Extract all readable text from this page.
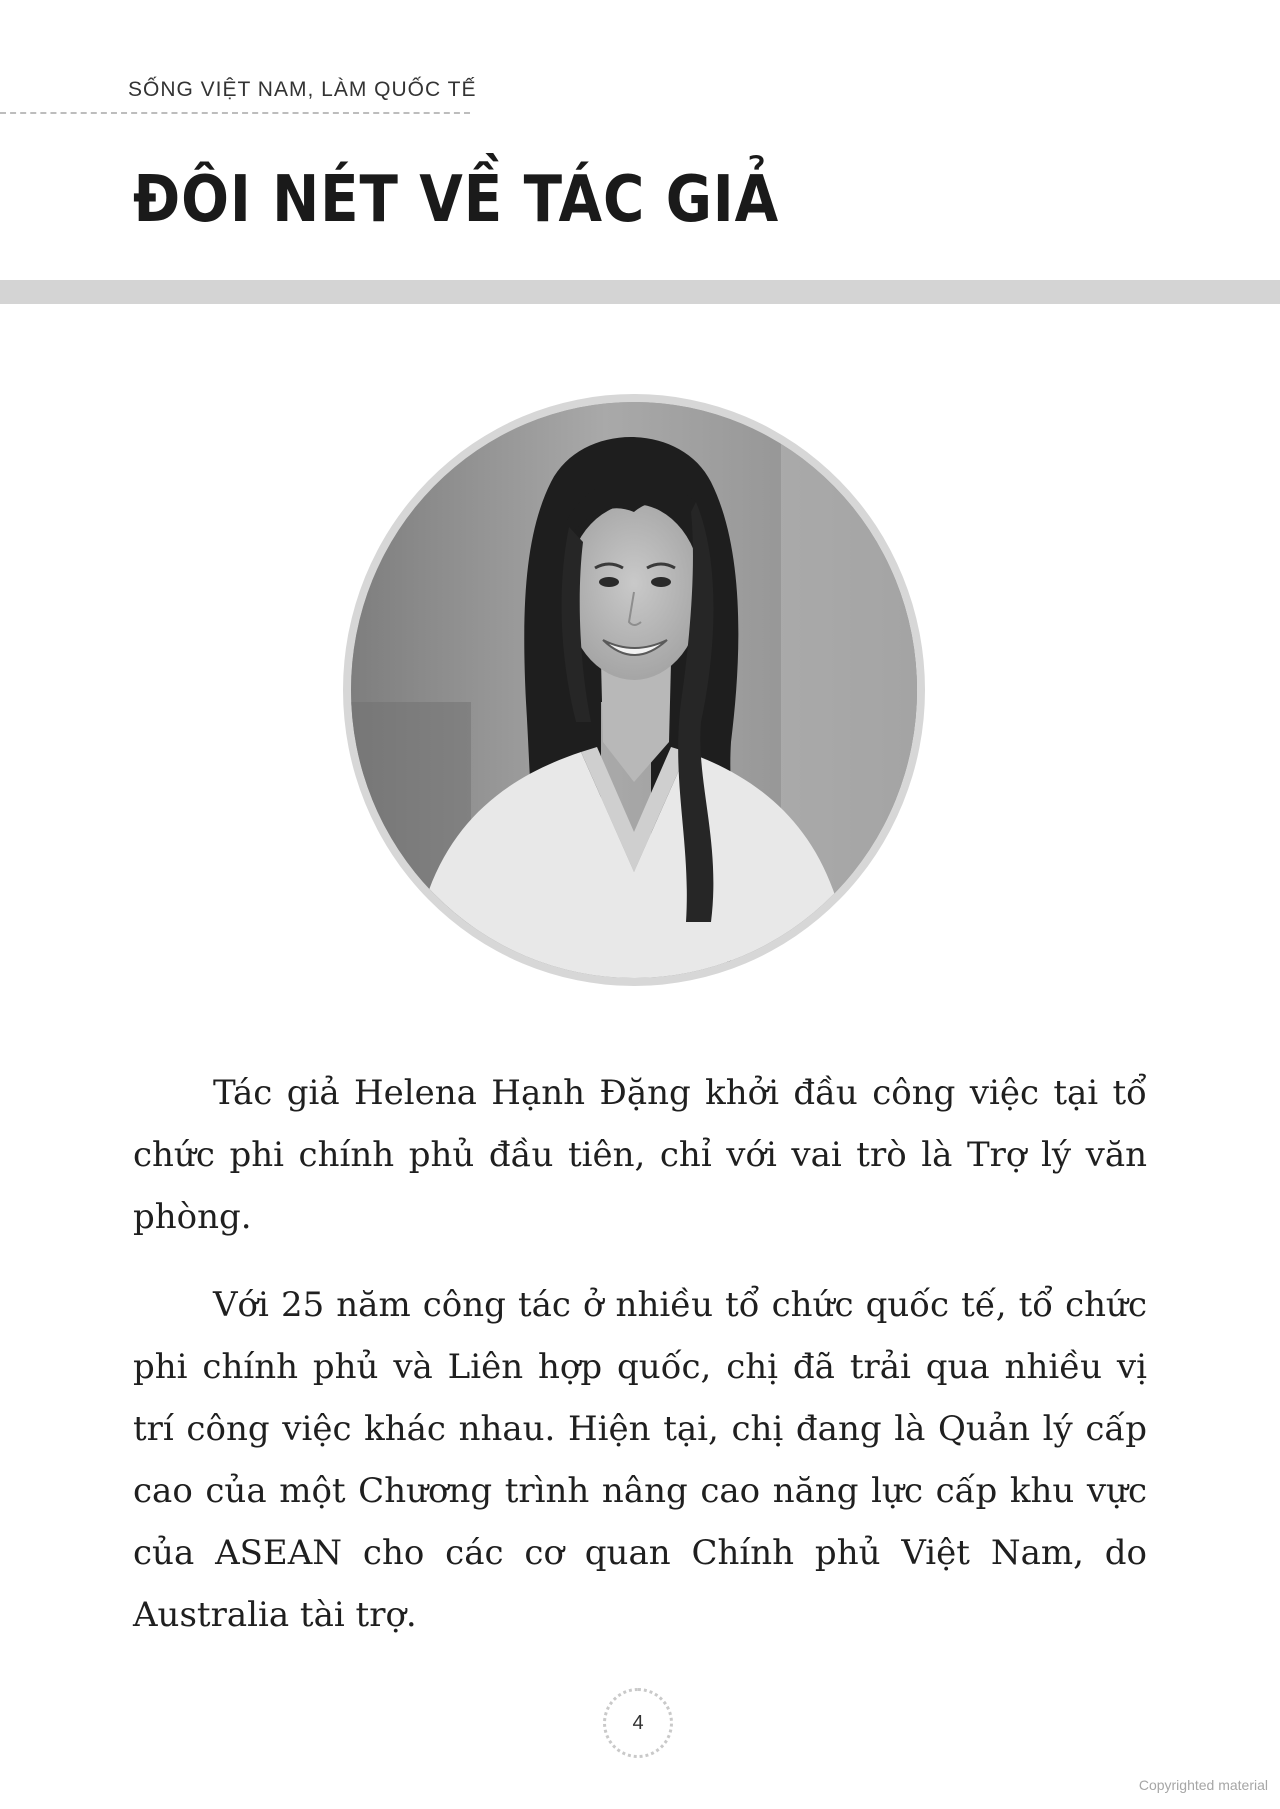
SỐNG VIỆT NAM, LÀM QUỐC TẾ
ĐÔI NÉT VỀ TÁC GIẢ

Tác giả Helena Hạnh Đặng khởi đầu công việc tại tổ chức phi chính phủ đầu tiên, chỉ với vai trò là Trợ lý văn phòng.

Với 25 năm công tác ở nhiều tổ chức quốc tế, tổ chức phi chính phủ và Liên hợp quốc, chị đã trải qua nhiều vị trí công việc khác nhau. Hiện tại, chị đang là Quản lý cấp cao của một Chương trình nâng cao năng lực cấp khu vực của ASEAN cho các cơ quan Chính phủ Việt Nam, do Australia tài trợ.

4
Copyrighted material
